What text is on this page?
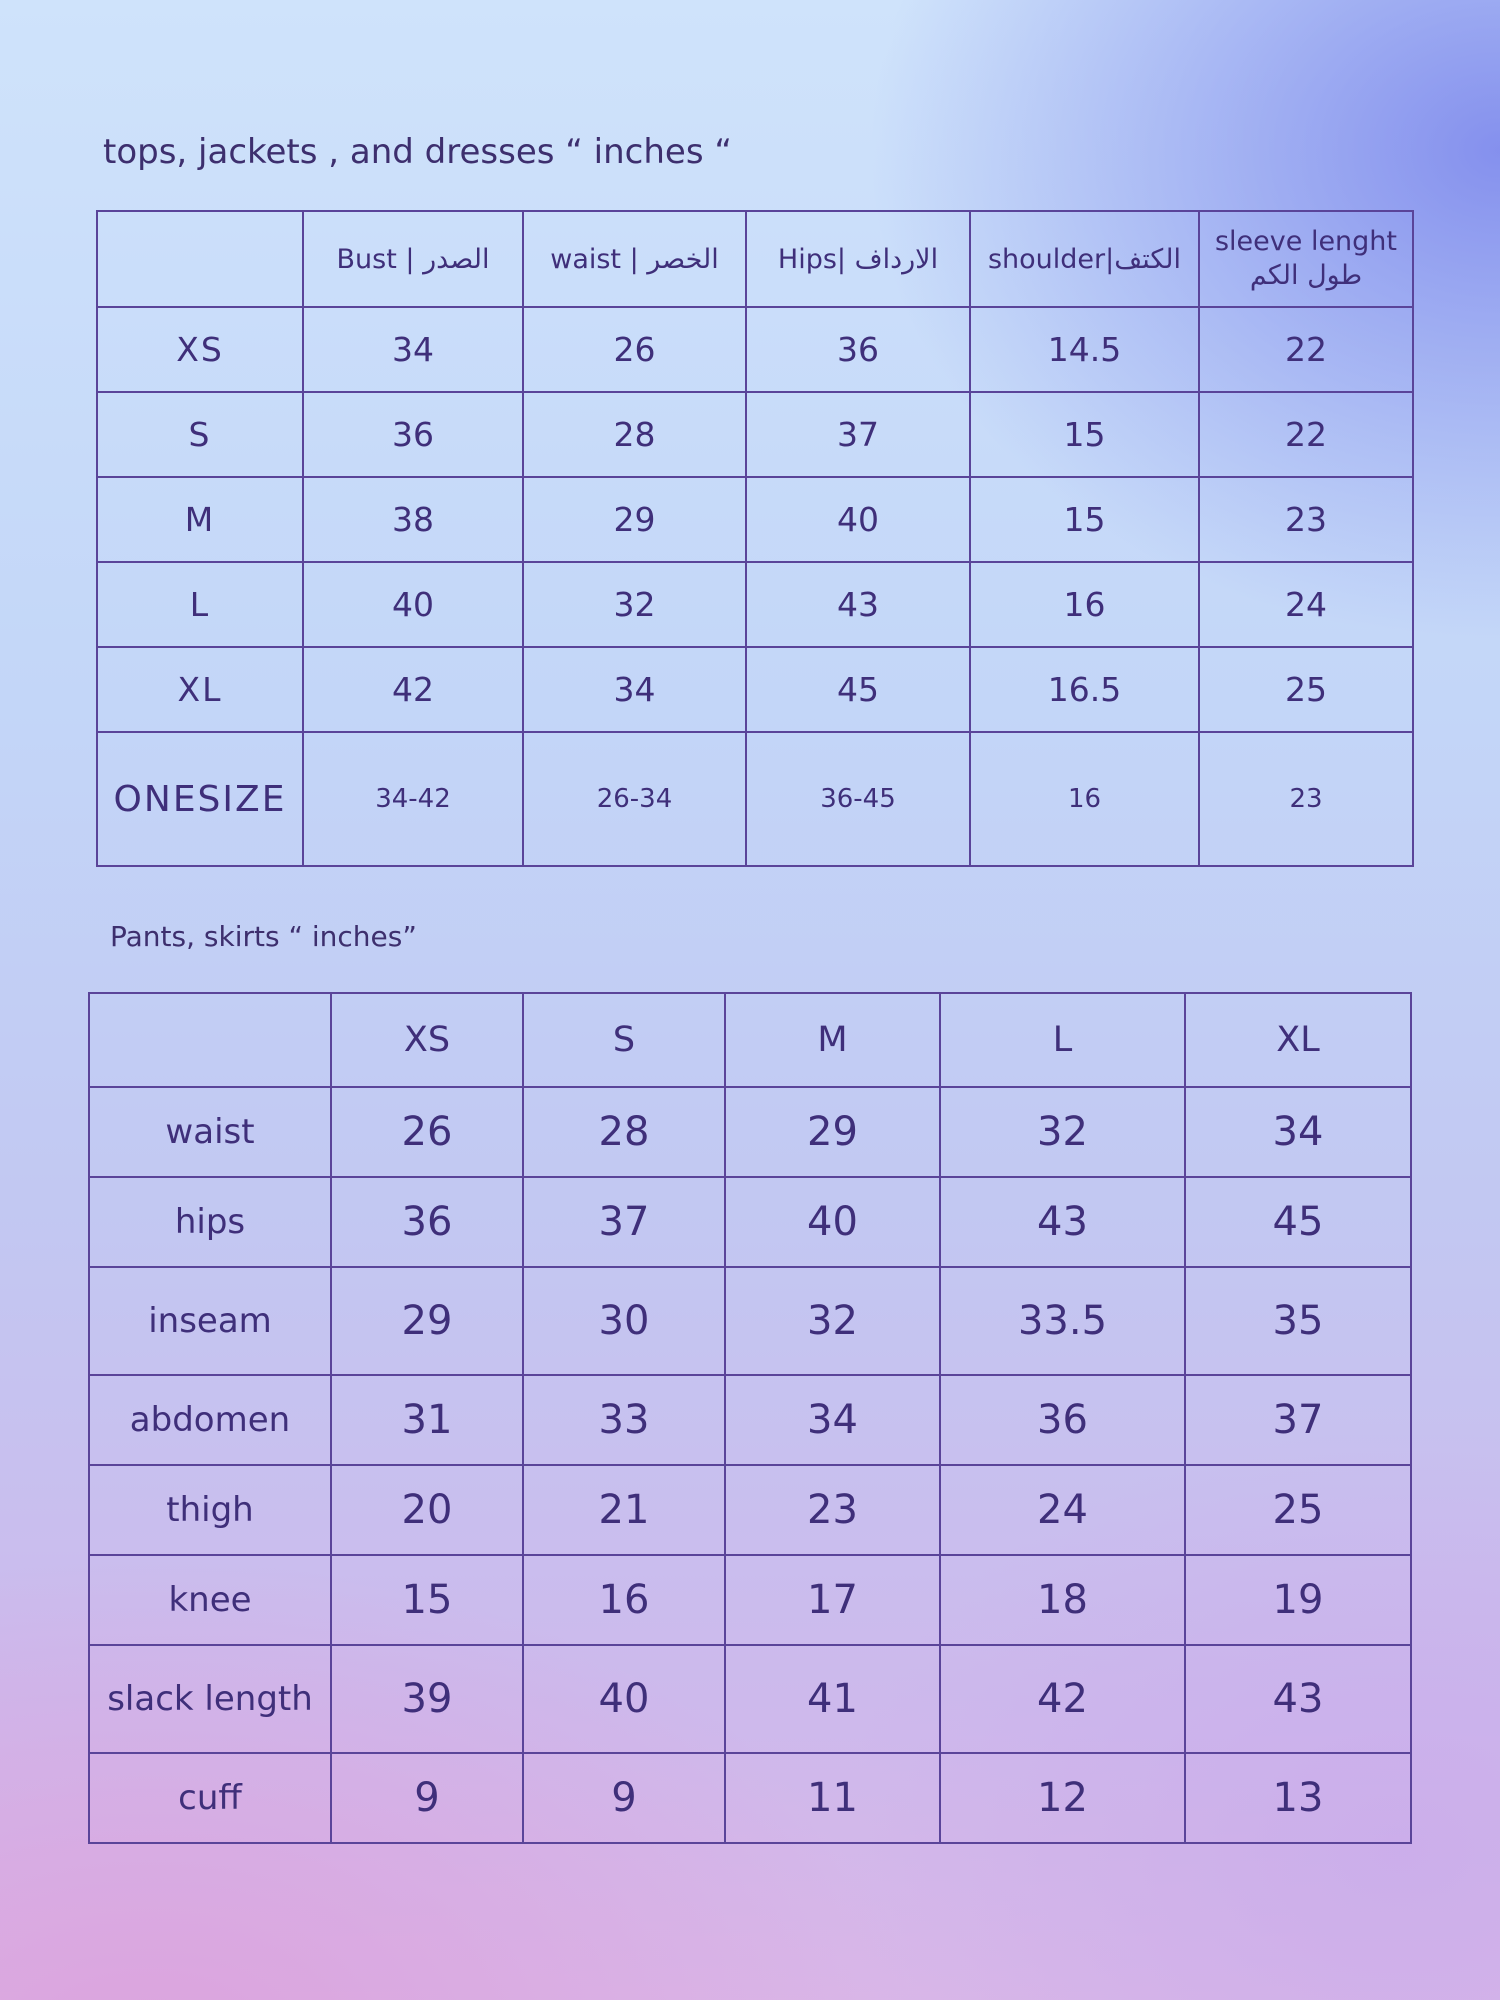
tops, jackets , and dresses “ inches “
	Bust | الصدر	waist | الخصر	Hips| الارداف	shoulder|الكتف	sleeve lenght
طول الكم

XS	34	26	36	14.5	22
S	36	28	37	15	22
M	38	29	40	15	23
L	40	32	43	16	24
XL	42	34	45	16.5	25
ONESIZE	34-42	26-34	36-45	16	23
Pants, skirts “ inches”
	XS	S	M	L	XL
waist	26	28	29	32	34
hips	36	37	40	43	45
inseam	29	30	32	33.5	35
abdomen	31	33	34	36	37
thigh	20	21	23	24	25
knee	15	16	17	18	19
slack length	39	40	41	42	43
cuff	9	9	11	12	13
